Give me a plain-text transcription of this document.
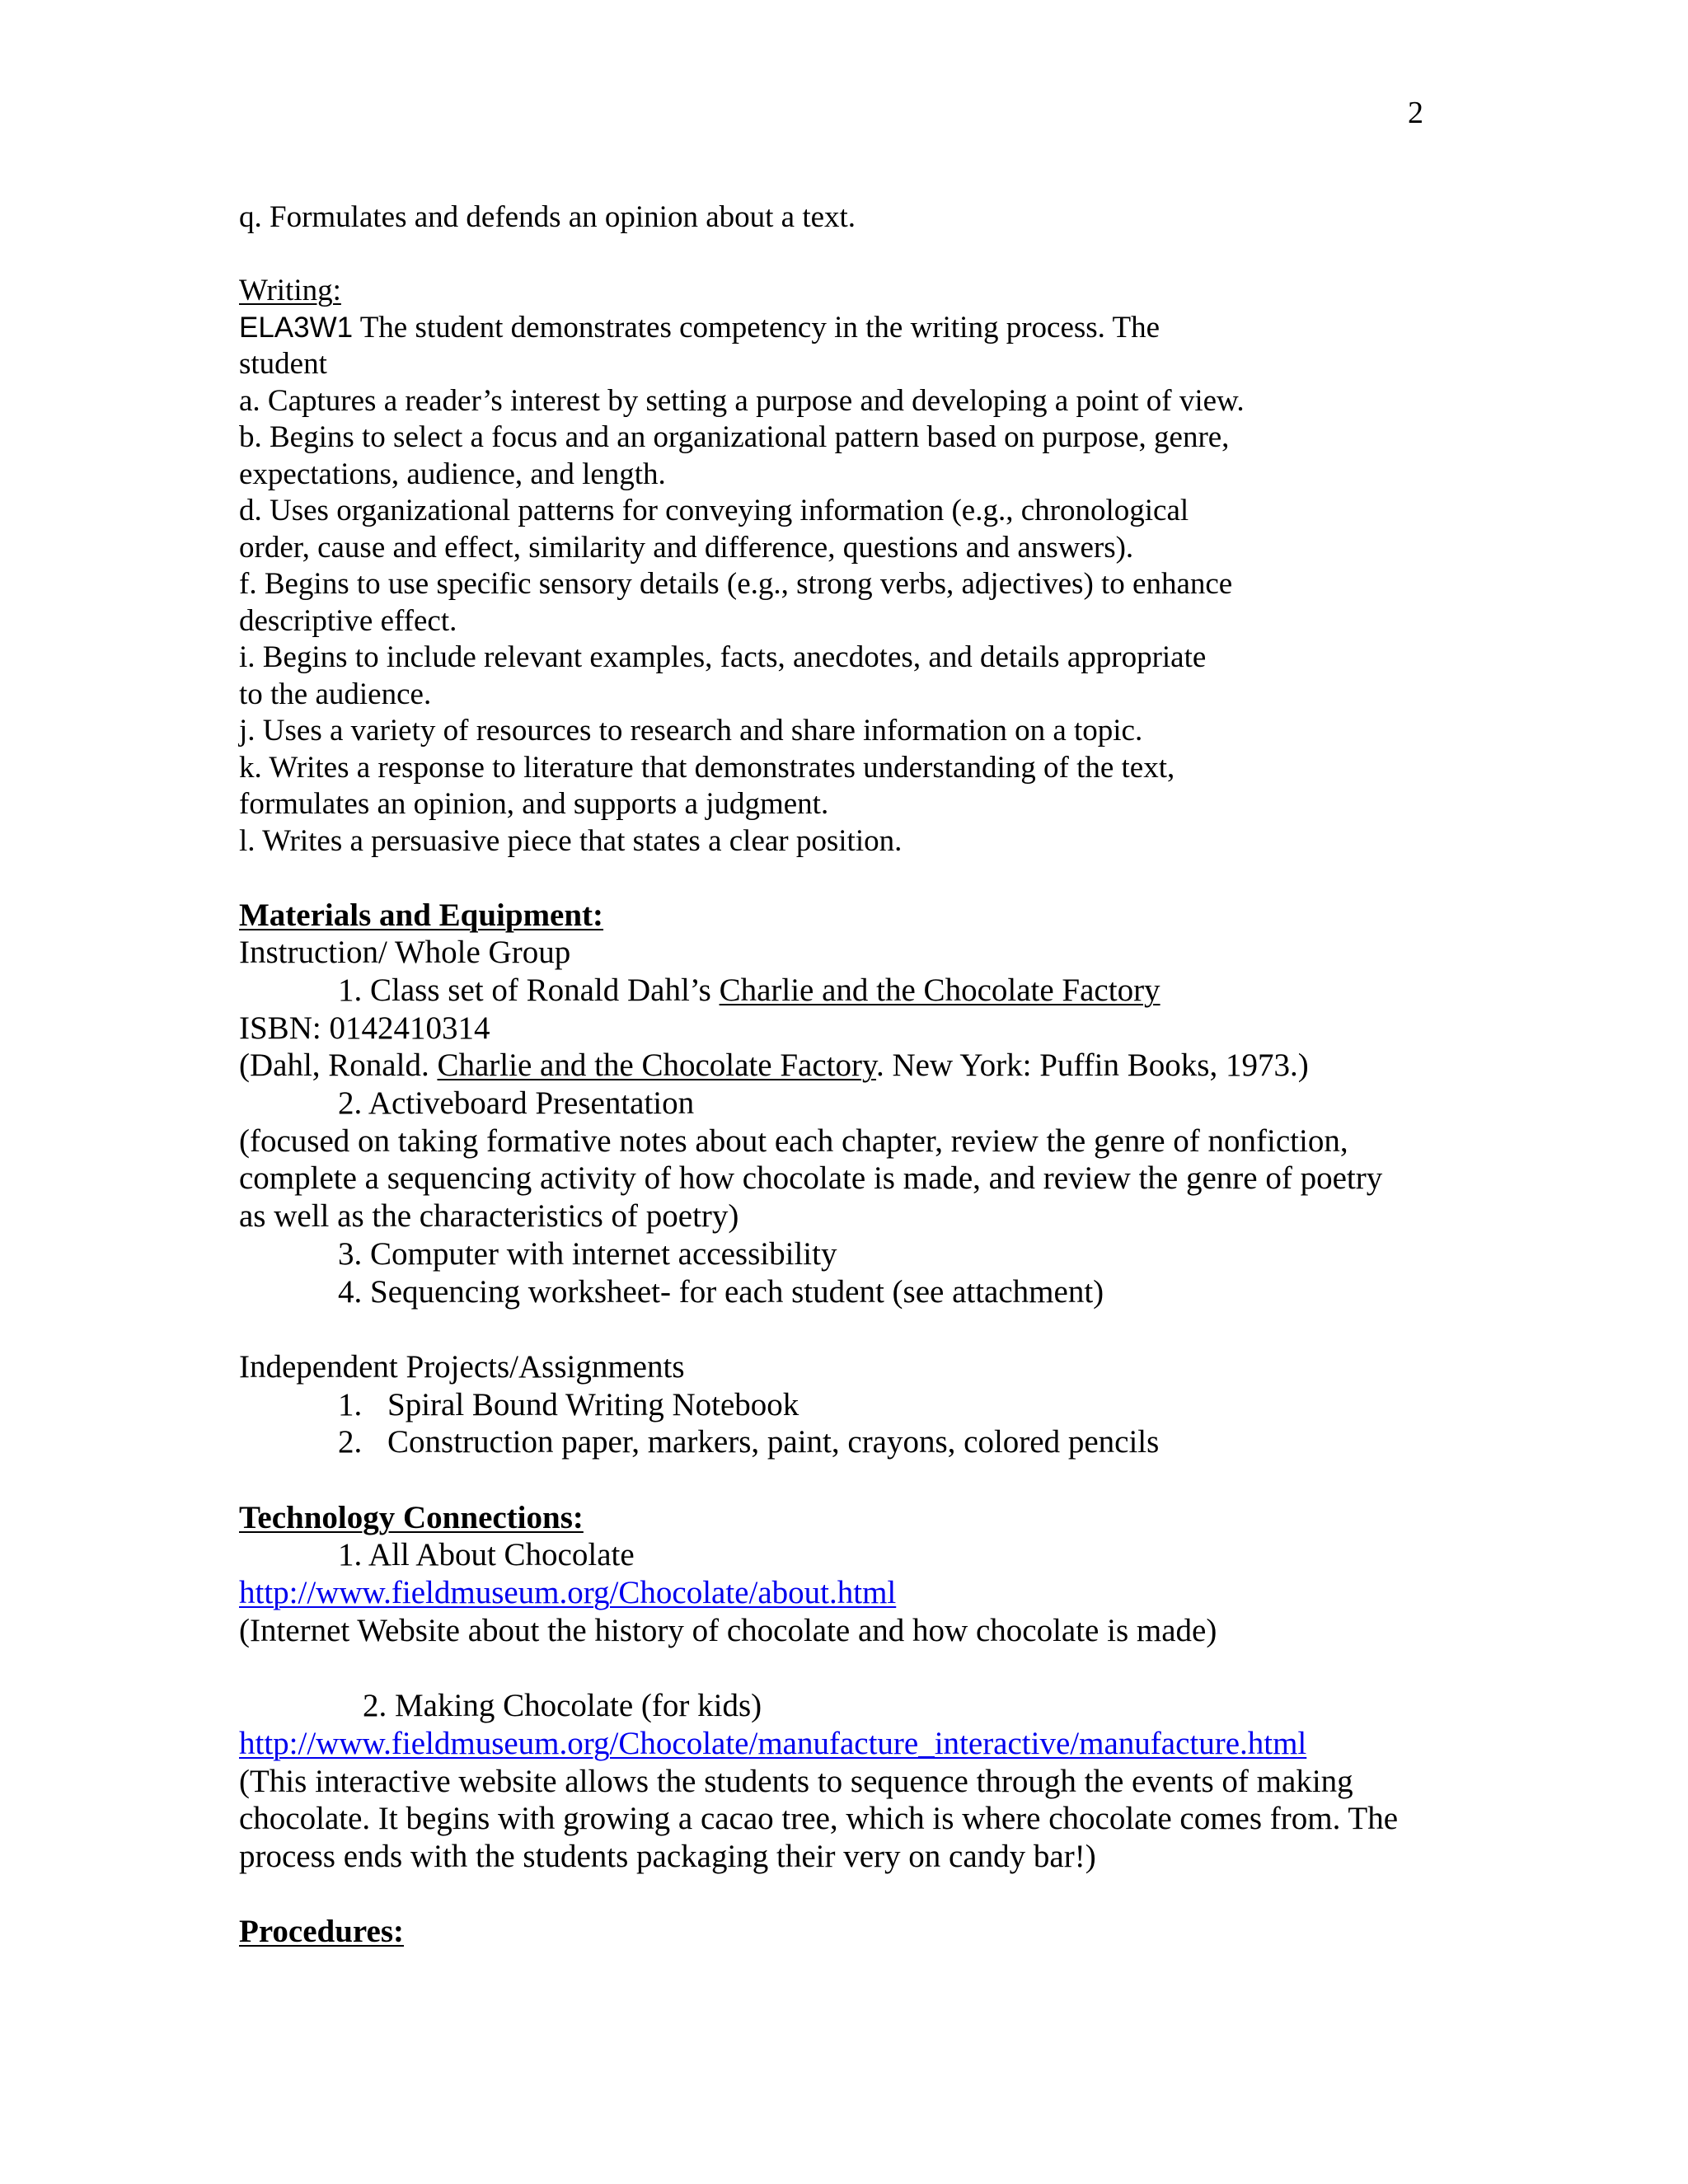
2
q. Formulates and defends an opinion about a text.
Writing:
ELA3W1 The student demonstrates competency in the writing process. The
student
a. Captures a reader’s interest by setting a purpose and developing a point of view.
b. Begins to select a focus and an organizational pattern based on purpose, genre,
expectations, audience, and length.
d. Uses organizational patterns for conveying information (e.g., chronological
order, cause and effect, similarity and difference, questions and answers).
f. Begins to use specific sensory details (e.g., strong verbs, adjectives) to enhance
descriptive effect.
i. Begins to include relevant examples, facts, anecdotes, and details appropriate
to the audience.
j. Uses a variety of resources to research and share information on a topic.
k. Writes a response to literature that demonstrates understanding of the text,
formulates an opinion, and supports a judgment.
l. Writes a persuasive piece that states a clear position.
Materials and Equipment:
Instruction/ Whole Group
1. Class set of Ronald Dahl’s Charlie and the Chocolate Factory
ISBN: 0142410314
(Dahl, Ronald. Charlie and the Chocolate Factory. New York: Puffin Books, 1973.)
2. Activeboard Presentation
(focused on taking formative notes about each chapter, review the genre of nonfiction,
complete a sequencing activity of how chocolate is made, and review the genre of poetry
as well as the characteristics of poetry)
3. Computer with internet accessibility
4. Sequencing worksheet- for each student (see attachment)
Independent Projects/Assignments
1. Spiral Bound Writing Notebook
2. Construction paper, markers, paint, crayons, colored pencils
Technology Connections:
1. All About Chocolate
http://www.fieldmuseum.org/Chocolate/about.html
(Internet Website about the history of chocolate and how chocolate is made)
2. Making Chocolate (for kids)
http://www.fieldmuseum.org/Chocolate/manufacture_interactive/manufacture.html
(This interactive website allows the students to sequence through the events of making
chocolate. It begins with growing a cacao tree, which is where chocolate comes from. The
process ends with the students packaging their very on candy bar!)
Procedures:
